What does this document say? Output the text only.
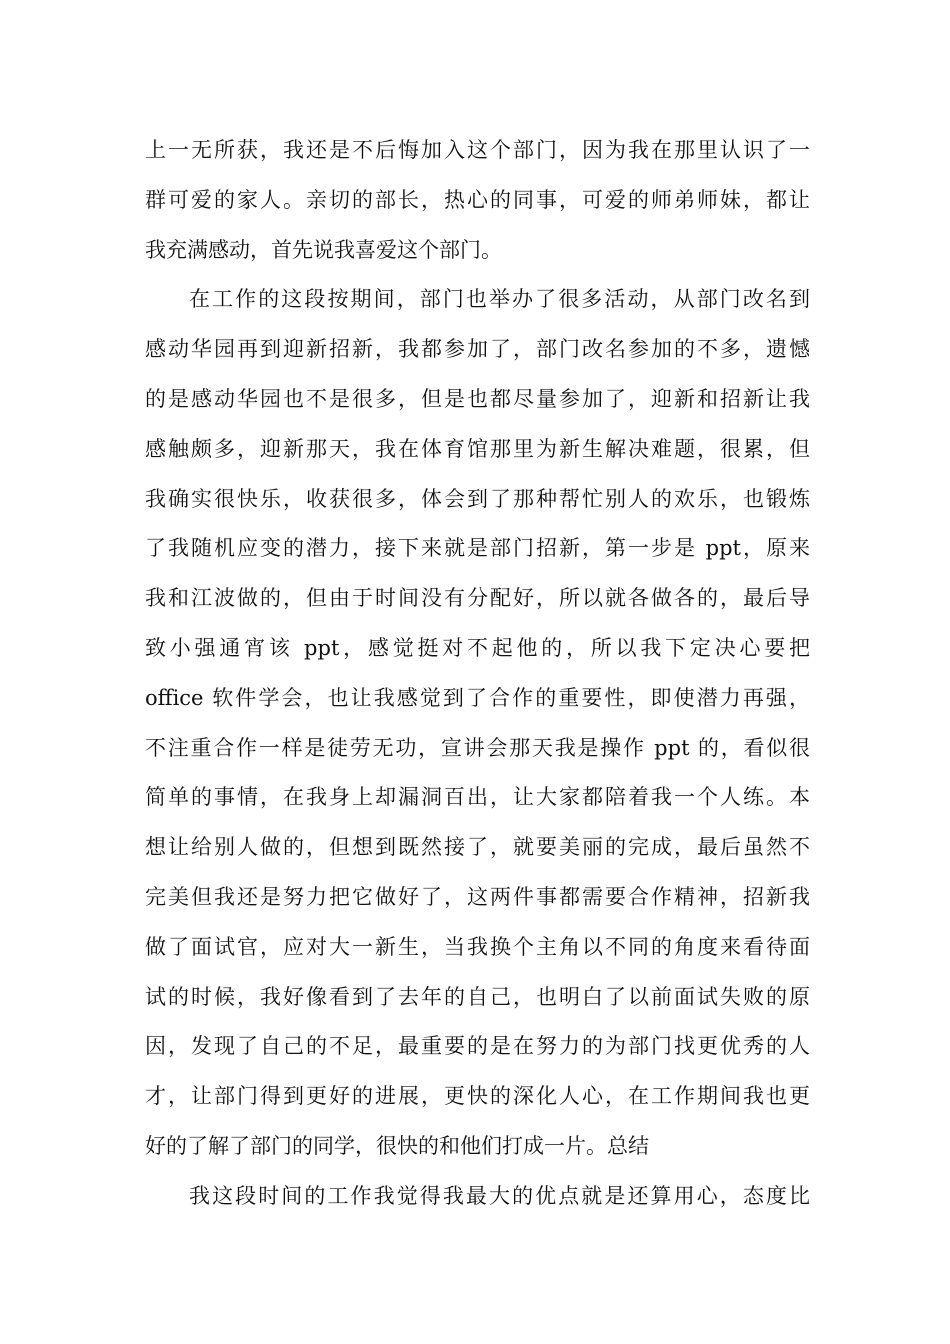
上一无所获，我还是不后悔加入这个部门，因为我在那里认识了一
群可爱的家人。亲切的部长，热心的同事，可爱的师弟师妹，都让
我充满感动，首先说我喜爱这个部门。
在工作的这段按期间，部门也举办了很多活动，从部门改名到
感动华园再到迎新招新，我都参加了，部门改名参加的不多，遗憾
的是感动华园也不是很多，但是也都尽量参加了，迎新和招新让我
感触颇多，迎新那天，我在体育馆那里为新生解决难题，很累，但
我确实很快乐，收获很多，体会到了那种帮忙别人的欢乐，也锻炼
了我随机应变的潜力，接下来就是部门招新，第一步是 ppt，原来
我和江波做的，但由于时间没有分配好，所以就各做各的，最后导
致小强通宵该 ppt，感觉挺对不起他的，所以我下定决心要把
office 软件学会，也让我感觉到了合作的重要性，即使潜力再强，
不注重合作一样是徒劳无功，宣讲会那天我是操作 ppt 的，看似很
简单的事情，在我身上却漏洞百出，让大家都陪着我一个人练。本
想让给别人做的，但想到既然接了，就要美丽的完成，最后虽然不
完美但我还是努力把它做好了，这两件事都需要合作精神，招新我
做了面试官，应对大一新生，当我换个主角以不同的角度来看待面
试的时候，我好像看到了去年的自己，也明白了以前面试失败的原
因，发现了自己的不足，最重要的是在努力的为部门找更优秀的人
才，让部门得到更好的进展，更快的深化人心，在工作期间我也更
好的了解了部门的同学，很快的和他们打成一片。总结
我这段时间的工作我觉得我最大的优点就是还算用心，态度比
